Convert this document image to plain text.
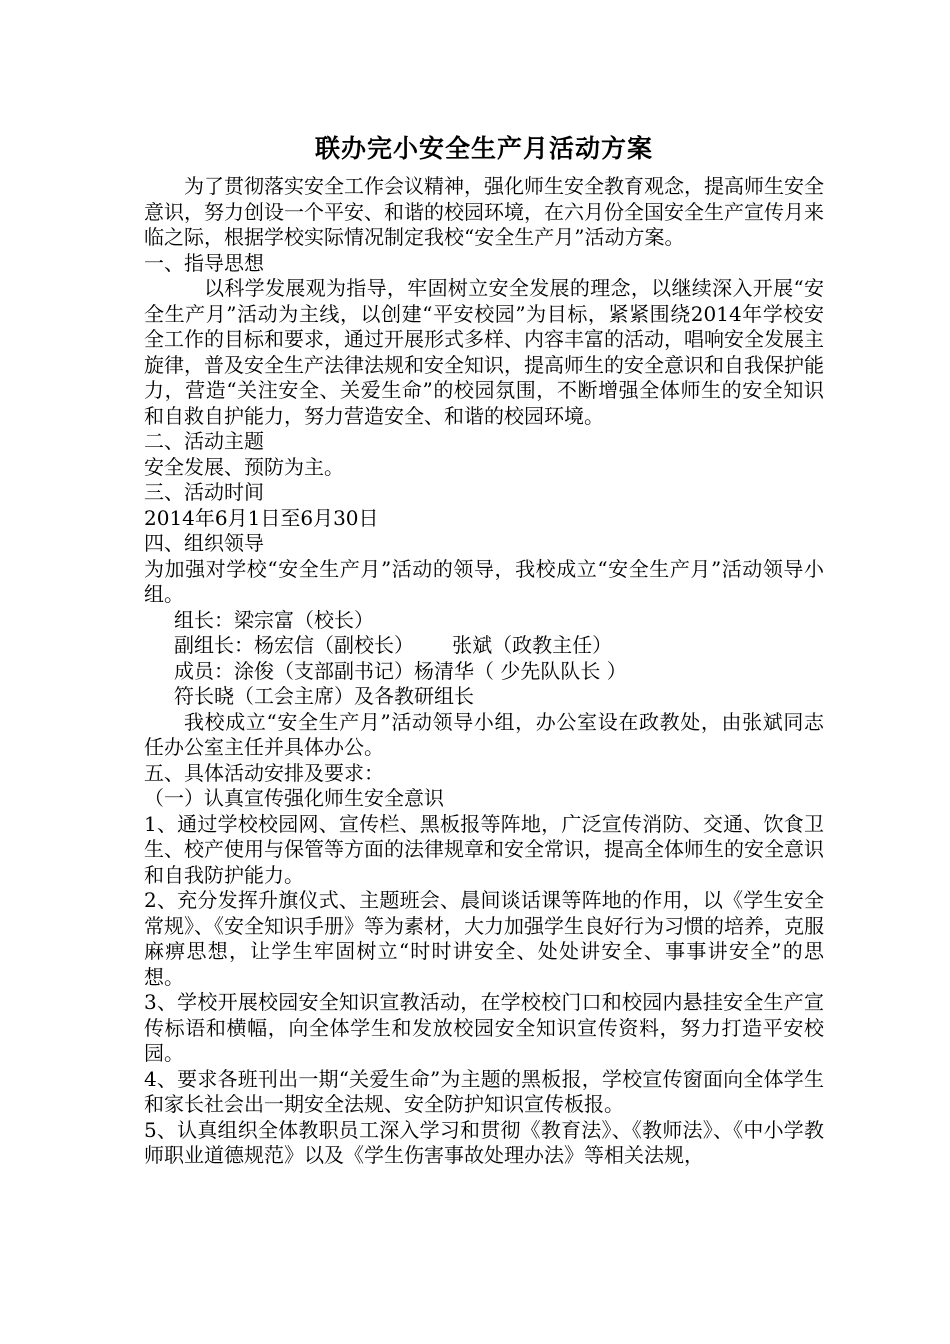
联办完小安全生产月活动方案

为了贯彻落实安全工作会议精神，强化师生安全教育观念，提高师生安全意识，努力创设一个平安、和谐的校园环境，在六月份全国安全生产宣传月来临之际，根据学校实际情况制定我校“安全生产月”活动方案。

一、指导思想

以科学发展观为指导，牢固树立安全发展的理念，以继续深入开展“安全生产月”活动为主线，以创建“平安校园”为目标，紧紧围绕2014年学校安全工作的目标和要求，通过开展形式多样、内容丰富的活动，唱响安全发展主旋律，普及安全生产法律法规和安全知识，提高师生的安全意识和自我保护能力，营造“关注安全、关爱生命”的校园氛围，不断增强全体师生的安全知识和自救自护能力，努力营造安全、和谐的校园环境。

二、活动主题

安全发展、预防为主。

三、活动时间

2014年6月1日至6月30日

四、组织领导

为加强对学校“安全生产月”活动的领导，我校成立“安全生产月”活动领导小组。

组长：梁宗富（校长）

副组长：杨宏信（副校长）      张斌（政教主任）

成员：涂俊（支部副书记）杨清华（ 少先队队长 ）

符长晓（工会主席）及各教研组长

我校成立“安全生产月”活动领导小组，办公室设在政教处，由张斌同志任办公室主任并具体办公。

五、具体活动安排及要求：

（一）认真宣传强化师生安全意识

1、通过学校校园网、宣传栏、黑板报等阵地，广泛宣传消防、交通、饮食卫生、校产使用与保管等方面的法律规章和安全常识，提高全体师生的安全意识和自我防护能力。

2、充分发挥升旗仪式、主题班会、晨间谈话课等阵地的作用，以《学生安全常规》、《安全知识手册》等为素材，大力加强学生良好行为习惯的培养，克服麻痹思想，让学生牢固树立“时时讲安全、处处讲安全、事事讲安全”的思想。

3、学校开展校园安全知识宣教活动，在学校校门口和校园内悬挂安全生产宣传标语和横幅，向全体学生和发放校园安全知识宣传资料，努力打造平安校园。

4、要求各班刊出一期“关爱生命”为主题的黑板报，学校宣传窗面向全体学生和家长社会出一期安全法规、安全防护知识宣传板报。

5、认真组织全体教职员工深入学习和贯彻《教育法》、《教师法》、《中小学教师职业道德规范》以及《学生伤害事故处理办法》等相关法规，
